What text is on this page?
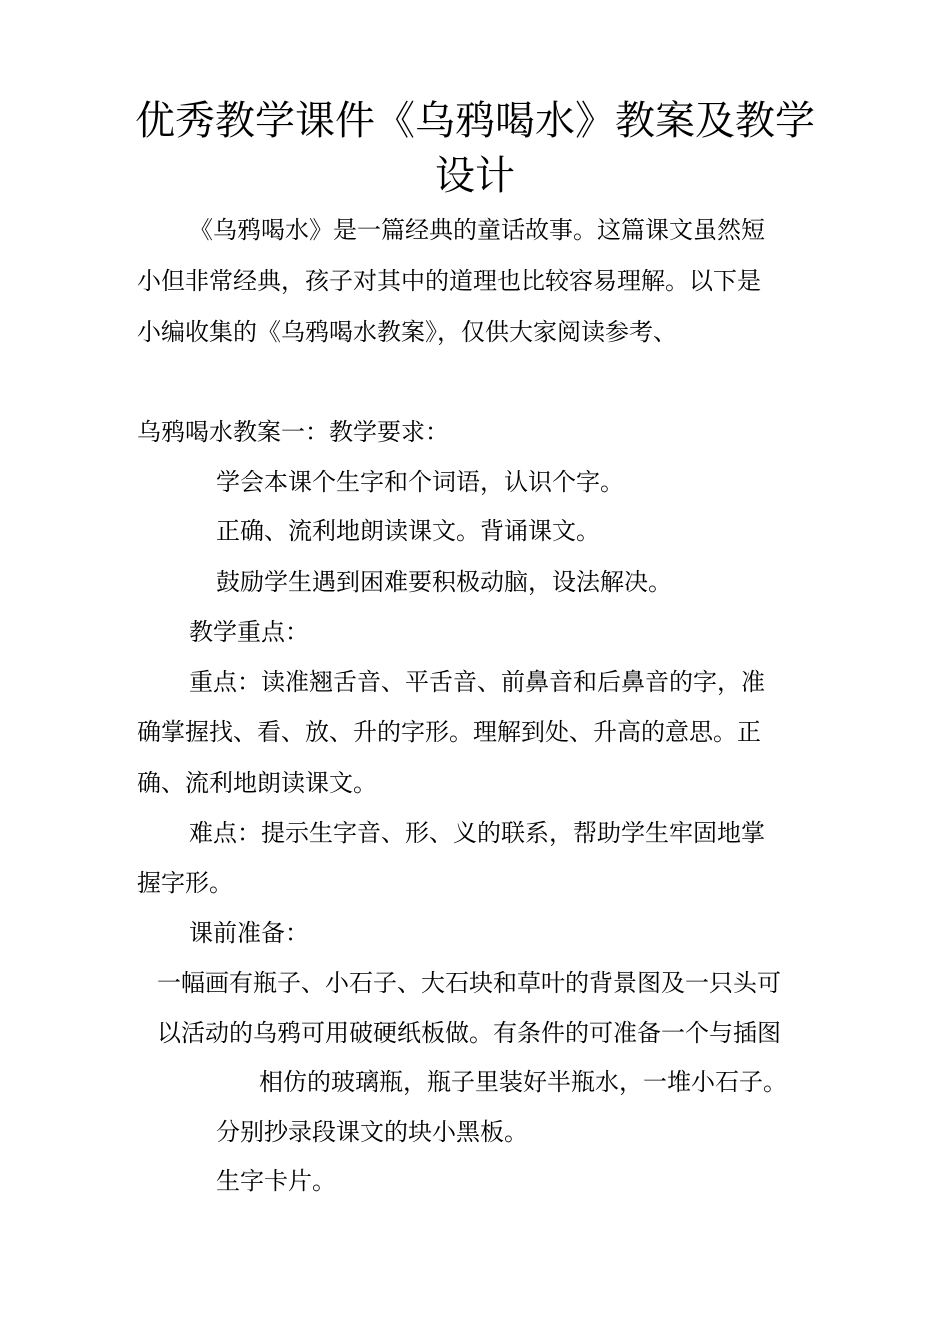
优秀教学课件《乌鸦喝水》教案及教学
设计

《乌鸦喝水》是一篇经典的童话故事。这篇课文虽然短

小但非常经典，孩子对其中的道理也比较容易理解。以下是

小编收集的《乌鸦喝水教案》，仅供大家阅读参考、

乌鸦喝水教案一：教学要求：

学会本课个生字和个词语，认识个字。

正确、流利地朗读课文。背诵课文。

鼓励学生遇到困难要积极动脑，设法解决。

教学重点：

重点：读准翘舌音、平舌音、前鼻音和后鼻音的字，准

确掌握找、看、放、升的字形。理解到处、升高的意思。正

确、流利地朗读课文。

难点：提示生字音、形、义的联系，帮助学生牢固地掌

握字形。

课前准备：

一幅画有瓶子、小石子、大石块和草叶的背景图及一只头可

以活动的乌鸦可用破硬纸板做。有条件的可准备一个与插图

相仿的玻璃瓶，瓶子里装好半瓶水，一堆小石子。

分别抄录段课文的块小黑板。

生字卡片。
